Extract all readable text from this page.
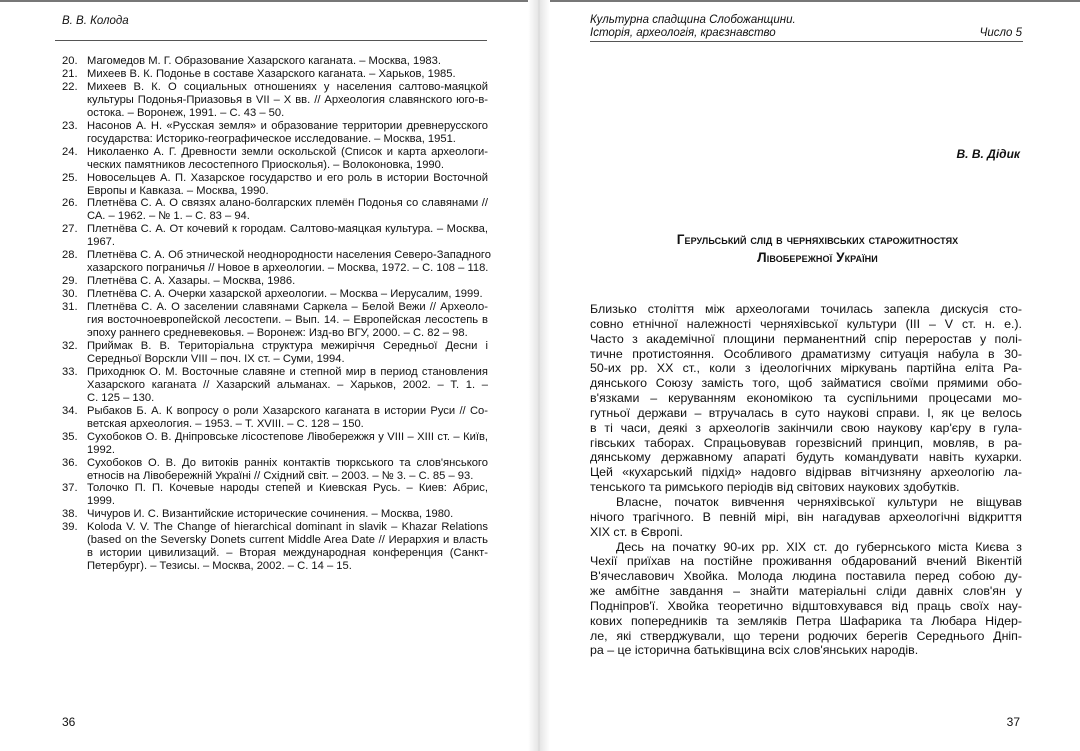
В. В. Колода
20. Магомедов М. Г. Образование Хазарского каганата. – Москва, 1983.
21. Михеев В. К. Подонье в составе Хазарского каганата. – Харьков, 1985.
22. Михеев В. К. О социальных отношениях у населения салтово-маяцкой
культуры Подонья-Приазовья в VII – X вв. // Археология славянского юго-в-
остока. – Воронеж, 1991. – С. 43 – 50.
23. Насонов А. Н. «Русская земля» и образование территории древнерусского
государства: Историко-географическое исследование. – Москва, 1951.
24. Николаенко А. Г. Древности земли оскольской (Список и карта археологи-
ческих памятников лесостепного Приосколья). – Волоконовка, 1990.
25. Новосельцев А. П. Хазарское государство и его роль в истории Восточной
Европы и Кавказа. – Москва, 1990.
26. Плетнёва С. А. О связях алано-болгарских племён Подонья со славянами //
СА. – 1962. – № 1. – С. 83 – 94.
27. Плетнёва С. А. От кочевий к городам. Салтово-маяцкая культура. – Москва,
1967.
28. Плетнёва С. А. Об этнической неоднородности населения Северо-Западного
хазарского пограничья // Новое в археологии. – Москва, 1972. – С. 108 – 118.
29. Плетнёва С. А. Хазары. – Москва, 1986.
30. Плетнёва С. А. Очерки хазарской археологии. – Москва – Иерусалим, 1999.
31. Плетнёва С. А. О заселении славянами Саркела – Белой Вежи // Археоло-
гия восточноевропейской лесостепи. – Вып. 14. – Европейская лесостепь в
эпоху раннего средневековья. – Воронеж: Изд-во ВГУ, 2000. – С. 82 – 98.
32. Приймак В. В. Територіальна структура межиріччя Середньої Десни і
Середньої Ворскли VIII – поч. IX ст. – Суми, 1994.
33. Приходнюк О. М. Восточные славяне и степной мир в период становления
Хазарского каганата // Хазарский альманах. – Харьков, 2002. – Т. 1. –
С. 125 – 130.
34. Рыбаков Б. А. К вопросу о роли Хазарского каганата в истории Руси // Со-
ветская археология. – 1953. – Т. XVIII. – С. 128 – 150.
35. Сухобоков О. В. Дніпровське лісостепове Лівобережжя у VIII – XIII ст. – Київ,
1992.
36. Сухобоков О. В. До витоків ранніх контактів тюркського та слов'янського
етносів на Лівобережній Україні // Східний світ. – 2003. – № 3. – С. 85 – 93.
37. Толочко П. П. Кочевые народы степей и Киевская Русь. – Киев: Абрис,
1999.
38. Чичуров И. С. Византийские исторические сочинения. – Москва, 1980.
39. Koloda V. V. The Change of hierarchical dominant in slavik – Khazar Relations
(based on the Seversky Donets current Middle Area Date // Иерархия и власть
в истории цивилизаций. – Вторая международная конференция (Санкт-
Петербург). – Тезисы. – Москва, 2002. – С. 14 – 15.
36
Культурна спадщина Слобожанщини.
Історія, археологія, краєзнавство	Число 5
В. В. Дідик
Герульський слід в черняхівських старожитностях
Лівобережної України
Близько століття між археологами точилась запекла дискусія сто-
совно етнічної належності черняхівської культури (III – V ст. н. е.).
Часто з академічної площини перманентний спір переростав у полі-
тичне протистояння. Особливого драматизму ситуація набула в 30-
50-их рр. XX ст., коли з ідеологічних міркувань партійна еліта Ра-
дянського Союзу замість того, щоб займатися своїми прямими обо-
в'язками – керуванням економікою та суспільними процесами мо-
гутньої держави – втручалась в суто наукові справи. І, як це велось
в ті часи, деякі з археологів закінчили свою наукову кар'єру в гула-
гівських таборах. Спрацьовував горезвісний принцип, мовляв, в ра-
дянському державному апараті будуть командувати навіть кухарки.
Цей «кухарський підхід» надовго відірвав вітчизняну археологію ла-
тенського та римського періодів від світових наукових здобутків.
Власне, початок вивчення черняхівської культури не віщував
нічого трагічного. В певній мірі, він нагадував археологічні відкриття
XIX ст. в Європі.
Десь на початку 90-их рр. XIX ст. до губернського міста Києва з
Чехії приїхав на постійне проживання обдарований вчений Вікентій
В'ячеславович Хвойка. Молода людина поставила перед собою ду-
же амбітне завдання – знайти матеріальні сліди давніх слов'ян у
Подніпров'ї. Хвойка теоретично відштовхувався від праць своїх нау-
кових попередників та земляків Петра Шафарика та Любара Нідер-
ле, які стверджували, що терени родючих берегів Середнього Дніп-
ра – це історична батьківщина всіх слов'янських народів.
37
